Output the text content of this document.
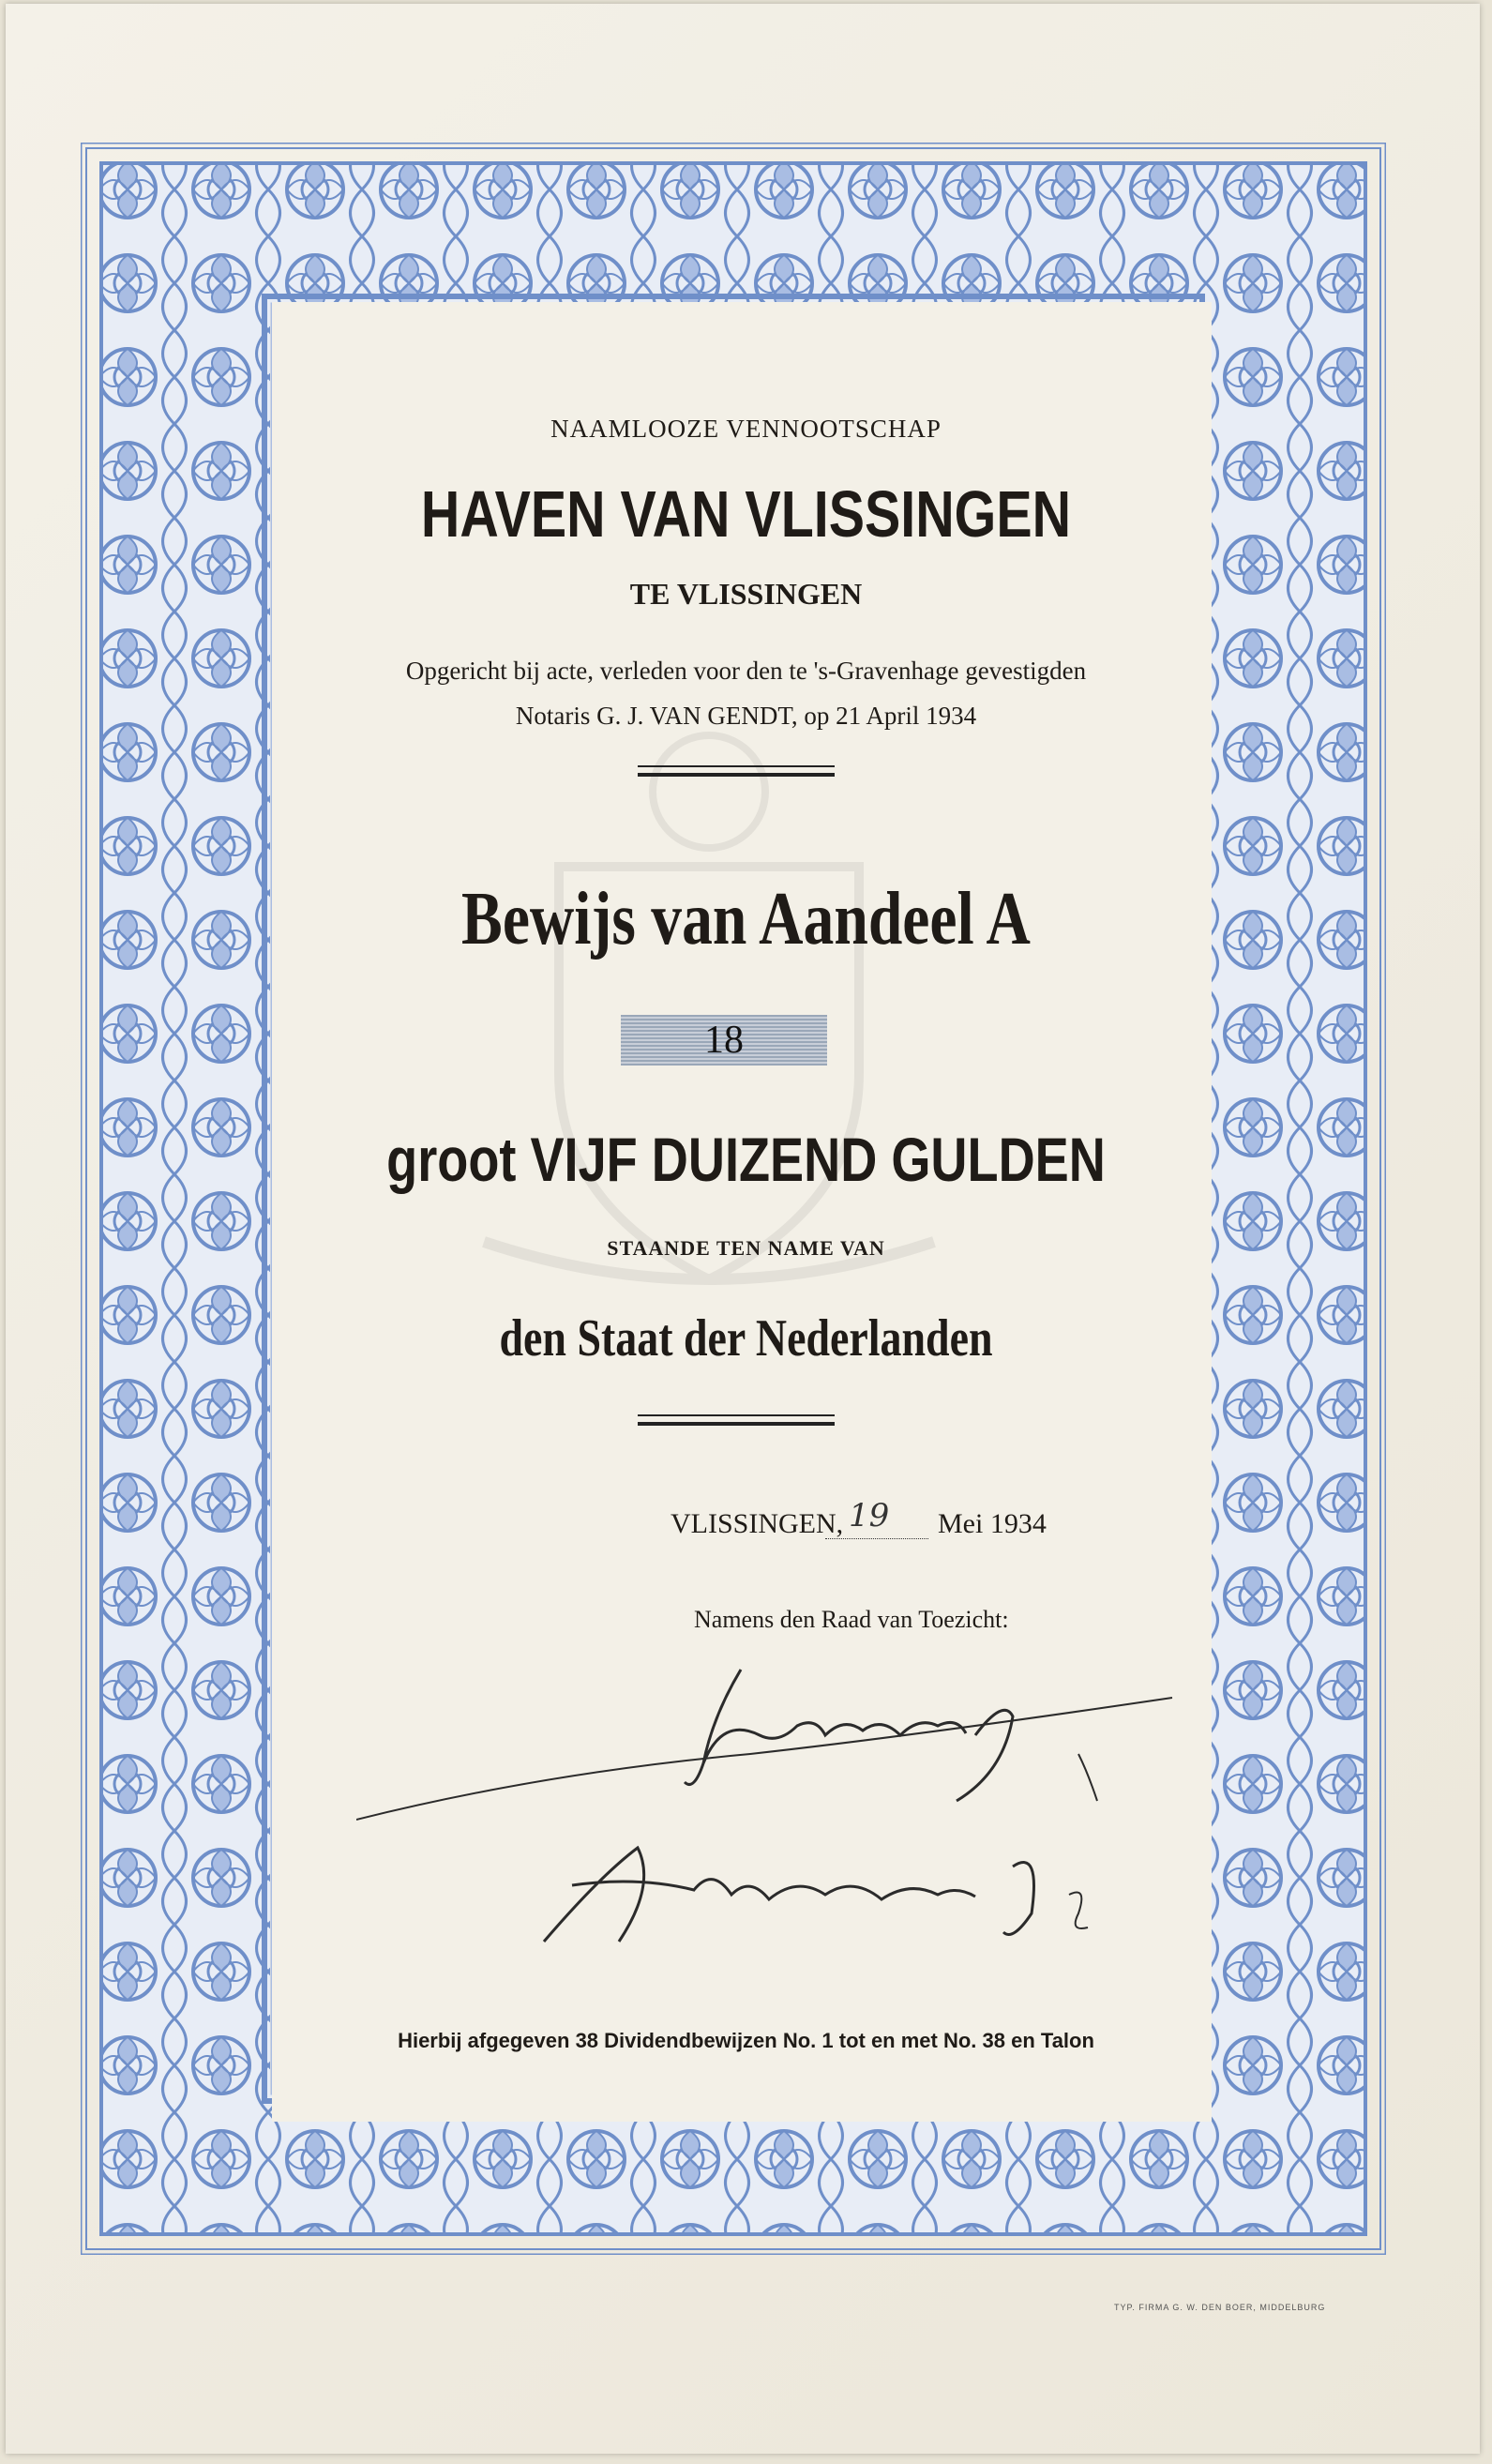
NAAMLOOZE VENNOOTSCHAP
HAVEN VAN VLISSINGEN
TE VLISSINGEN
Opgericht bij acte, verleden voor den te 's-Gravenhage gevestigden
Notaris G. J. VAN GENDT, op 21 April 1934
Bewijs van Aandeel A
18
groot VIJF DUIZEND GULDEN
STAANDE TEN NAME VAN
den Staat der Nederlanden
VLISSINGEN, 19 Mei 1934
Namens den Raad van Toezicht:
Hierbij afgegeven 38 Dividendbewijzen No. 1 tot en met No. 38 en Talon
TYP. FIRMA G. W. DEN BOER, MIDDELBURG
